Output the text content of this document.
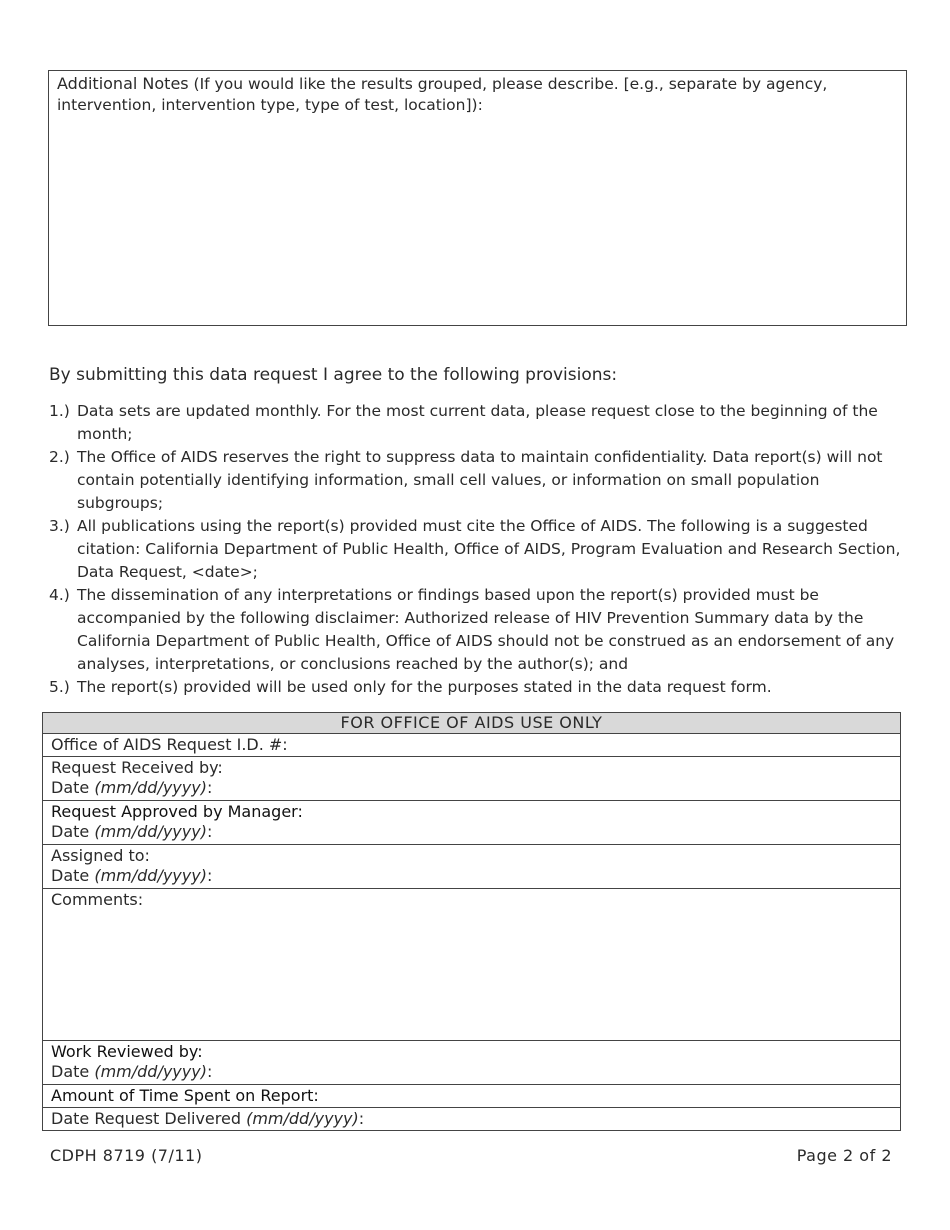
Additional Notes (If you would like the results grouped, please describe. [e.g., separate by agency, intervention, intervention type, type of test, location]):
By submitting this data request I agree to the following provisions:
1.) Data sets are updated monthly. For the most current data, please request close to the beginning of the month;
2.) The Office of AIDS reserves the right to suppress data to maintain confidentiality. Data report(s) will not contain potentially identifying information, small cell values, or information on small population subgroups;
3.) All publications using the report(s) provided must cite the Office of AIDS. The following is a suggested citation: California Department of Public Health, Office of AIDS, Program Evaluation and Research Section, Data Request, <date>;
4.) The dissemination of any interpretations or findings based upon the report(s) provided must be accompanied by the following disclaimer: Authorized release of HIV Prevention Summary data by the California Department of Public Health, Office of AIDS should not be construed as an endorsement of any analyses, interpretations, or conclusions reached by the author(s); and
5.) The report(s) provided will be used only for the purposes stated in the data request form.
FOR OFFICE OF AIDS USE ONLY
Office of AIDS Request I.D. #:

Request Received by:
Date (mm/dd/yyyy):

Request Approved by Manager:
Date (mm/dd/yyyy):

Assigned to:
Date (mm/dd/yyyy):

Comments:

Work Reviewed by:
Date (mm/dd/yyyy):

Amount of Time Spent on Report:
Date Request Delivered (mm/dd/yyyy):
CDPH 8719 (7/11)	Page 2 of 2
